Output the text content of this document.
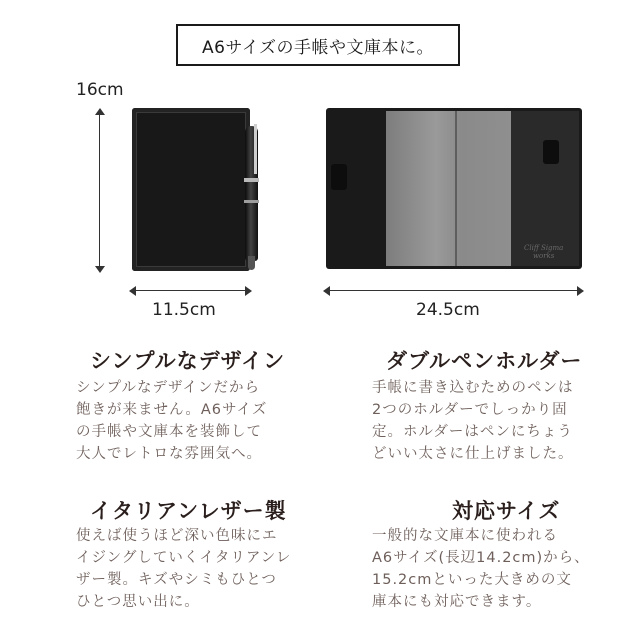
A6サイズの手帳や文庫本に。
16cm
11.5cm
Cliff Sigma
works
24.5cm
シンプルなデザイン
シンプルなデザインだから
飽きが来ません。A6サイズ
の手帳や文庫本を装飾して
大人でレトロな雰囲気へ。
ダブルペンホルダー
手帳に書き込むためのペンは
2つのホルダーでしっかり固
定。ホルダーはペンにちょう
どいい太さに仕上げました。
イタリアンレザー製
使えば使うほど深い色味にエ
イジングしていくイタリアンレ
ザー製。キズやシミもひとつ
ひとつ思い出に。
対応サイズ
一般的な文庫本に使われる
A6サイズ(長辺14.2cm)から、
15.2cmといった大きめの文
庫本にも対応できます。
